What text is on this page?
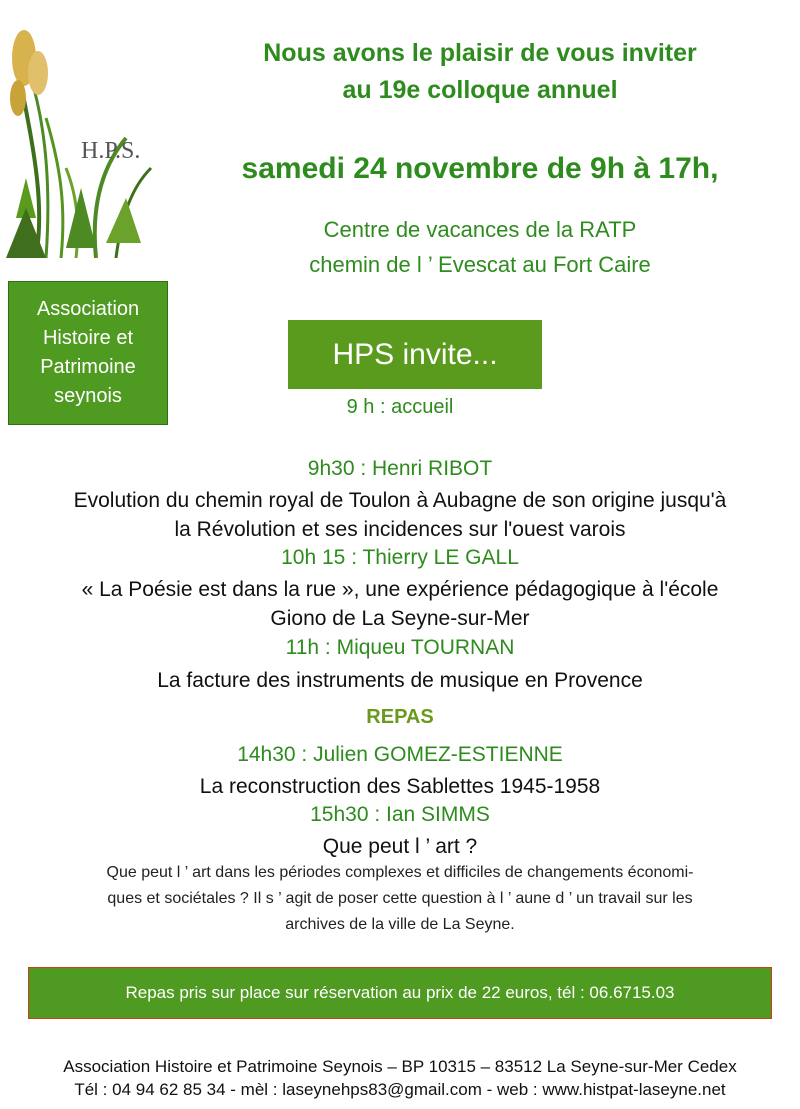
H.P.S.
Nous avons le plaisir de vous inviter
au 19e colloque annuel
samedi 24 novembre de 9h à 17h,
Centre de vacances de la RATP
chemin de l ’ Evescat au Fort Caire
Association
Histoire et
Patrimoine
seynois
HPS invite...
9 h : accueil
9h30 : Henri RIBOT
Evolution du chemin royal de Toulon à Aubagne de son origine jusqu'à
la Révolution et ses incidences sur l'ouest varois
10h 15 : Thierry LE GALL
« La Poésie est dans la rue », une expérience pédagogique à l'école
Giono de La Seyne-sur-Mer
11h : Miqueu TOURNAN
La facture des instruments de musique en Provence
REPAS
14h30 : Julien GOMEZ-ESTIENNE
La reconstruction des Sablettes 1945-1958
15h30 : Ian SIMMS
Que peut l ’ art ?
Que peut l ’ art dans les périodes complexes et difficiles de changements économi-
ques et sociétales ? Il s ’ agit de poser cette question à l ’ aune d ’ un travail sur les
archives de la ville de La Seyne.
Repas pris sur place sur réservation au prix de 22 euros, tél : 06.6715.03
Association Histoire et Patrimoine Seynois – BP 10315 – 83512 La Seyne-sur-Mer Cedex
Tél : 04 94 62 85 34 - mèl : laseynehps83@gmail.com - web : www.histpat-laseyne.net
